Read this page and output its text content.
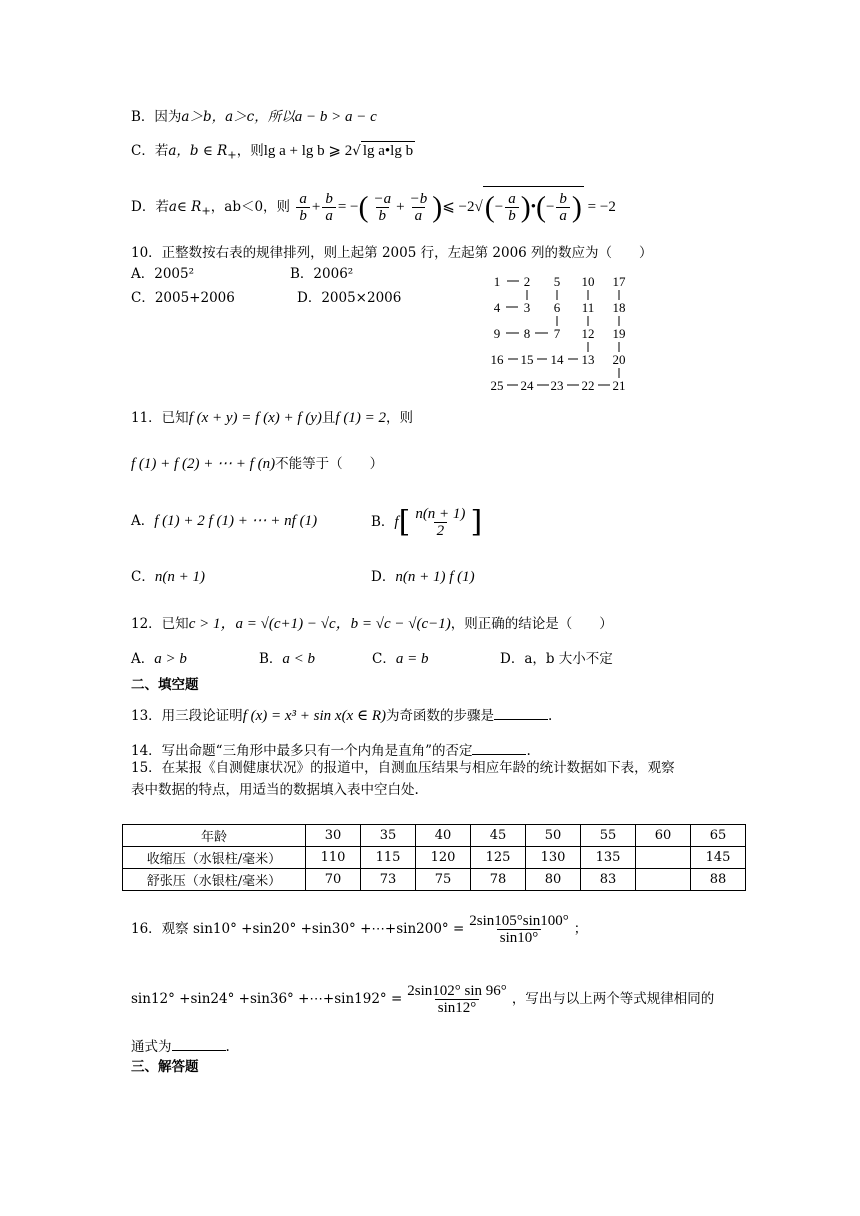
B．因为a＞b，a＞c，所以a − b > a − c
C．若a，b ∈ $R_+$，则lg a + lg b ⩾ 2√ lg a•lg b
D．若a∈ $R_+$，ab＜0，则 $\frac{a}{b} + \frac{b}{a}$ = −( $\frac{-a}{b} + \frac{-b}{a}$ )⩽ $-2√(- \frac{a}{b}$ )•(− $\frac{b}{a}$ ) = −2
10．正整数按右表的规律排列，则上起第 2005 行，左起第 2006 列的数应为（　　）
A．2005²	B．2006²
C．2005+2006	D．2005×2006
1 2 5 10 17
4 3 6 11 18
9 8 7 12 19
16 15 14 13 20
25 24 23 22 21
11．已知f (x + y) = f (x) + f (y)且f (1) = 2，则
f (1) + f (2) + ⋯ + f (n)不能等于（　　）
A．f (1) + 2 f (1) + ⋯ + nf (1)	B．$f[ \frac{n(n + 1)}{2}$ ]
C．n(n + 1)	D．n(n + 1) f (1)
12．已知c > 1，a = √(c+1) − √c，b = √c − √(c−1)，则正确的结论是（　　）
A．a > b	B．a < b	C．a = b	D．a，b 大小不定
二、填空题
13．用三段论证明f (x) = x³ + sin x(x ∈ R)为奇函数的步骤是	.
14．写出命题“三角形中最多只有一个内角是直角”的否定	.
15．在某报《自测健康状况》的报道中，自测血压结果与相应年龄的统计数据如下表，观察
表中数据的特点，用适当的数据填入表中空白处.
年龄	30	35	40	45	50	55	60	65
收缩压（水银柱/毫米）	110	115	120	125	130	135		145
舒张压（水银柱/毫米）	70	73	75	78	80	83		88
16．观察 sin10° +sin20° +sin30° +⋯+sin200° = $\frac{2\sin 105^\circ\sin 100^\circ}{\sin 10^\circ}$ ；
sin12° +sin24° +sin36° +⋯+sin192° = $\frac{2\sin 102^\circ \sin 96^\circ}{\sin 12^\circ}$ ，写出与以上两个等式规律相同的
通式为	.
三、解答题
